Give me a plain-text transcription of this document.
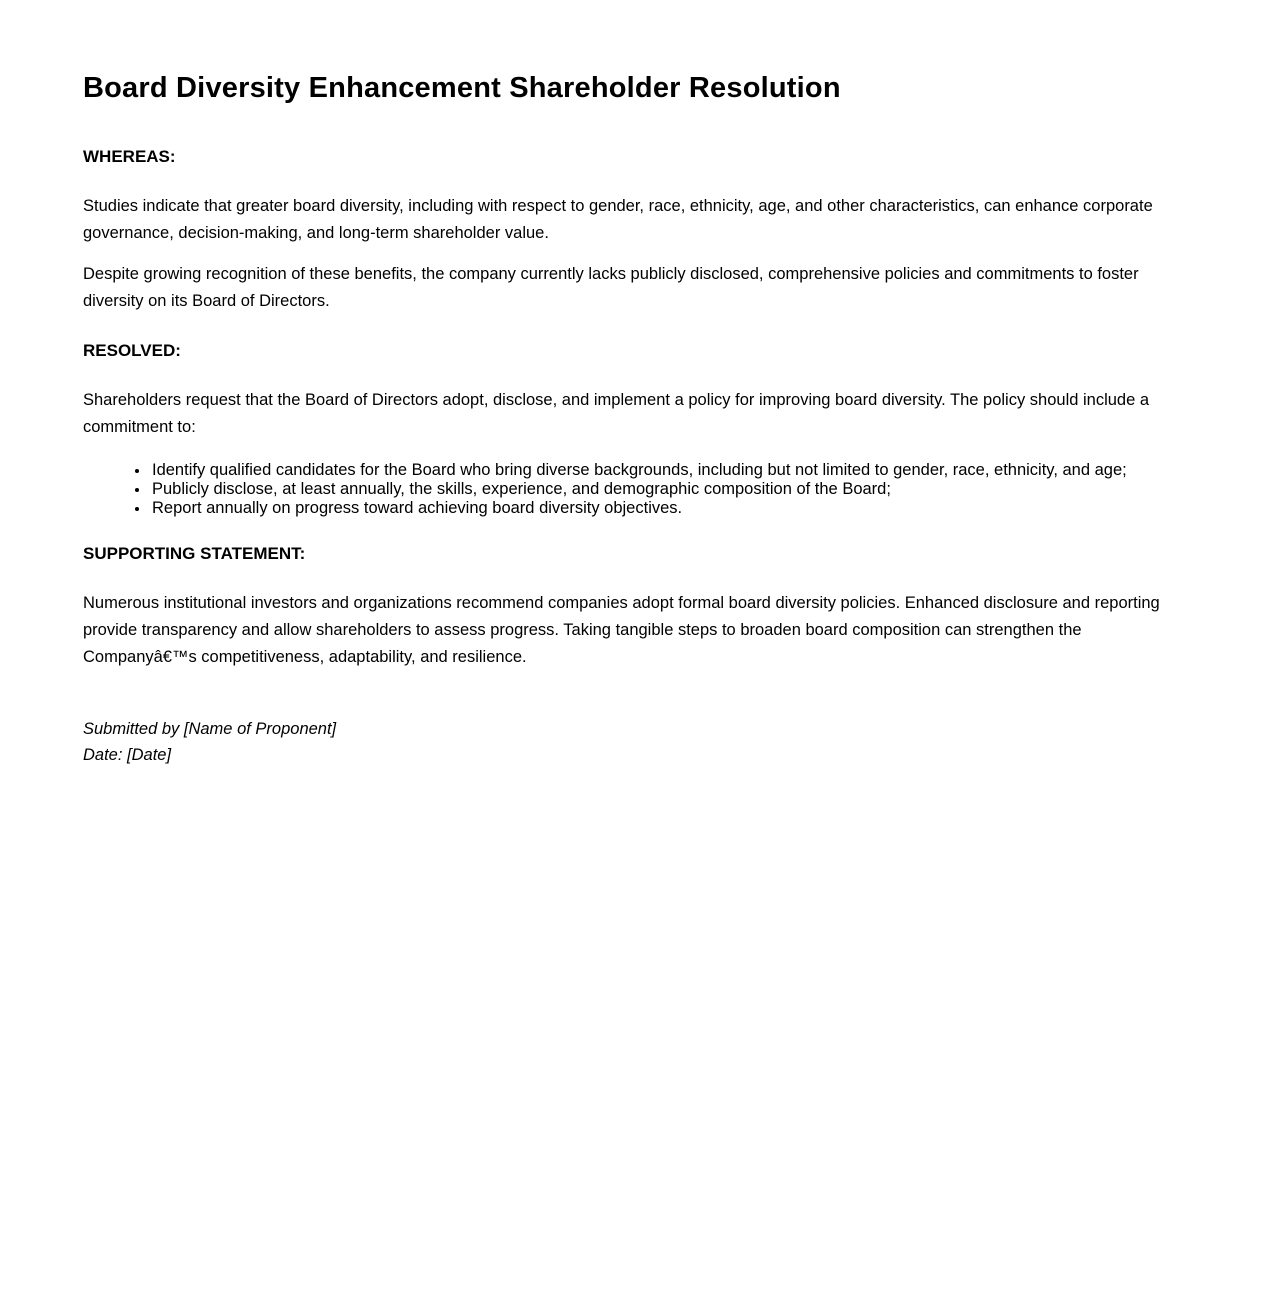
Board Diversity Enhancement Shareholder Resolution
WHEREAS:

Studies indicate that greater board diversity, including with respect to gender, race, ethnicity, age, and other characteristics, can enhance corporate governance, decision-making, and long-term shareholder value.

Despite growing recognition of these benefits, the company currently lacks publicly disclosed, comprehensive policies and commitments to foster diversity on its Board of Directors.

RESOLVED:

Shareholders request that the Board of Directors adopt, disclose, and implement a policy for improving board diversity. The policy should include a commitment to:

• Identify qualified candidates for the Board who bring diverse backgrounds, including but not limited to gender, race, ethnicity, and age;
• Publicly disclose, at least annually, the skills, experience, and demographic composition of the Board;
• Report annually on progress toward achieving board diversity objectives.
SUPPORTING STATEMENT:

Numerous institutional investors and organizations recommend companies adopt formal board diversity policies. Enhanced disclosure and reporting provide transparency and allow shareholders to assess progress. Taking tangible steps to broaden board composition can strengthen the Companyâ€™s competitiveness, adaptability, and resilience.

Submitted by [Name of Proponent]

Date: [Date]
